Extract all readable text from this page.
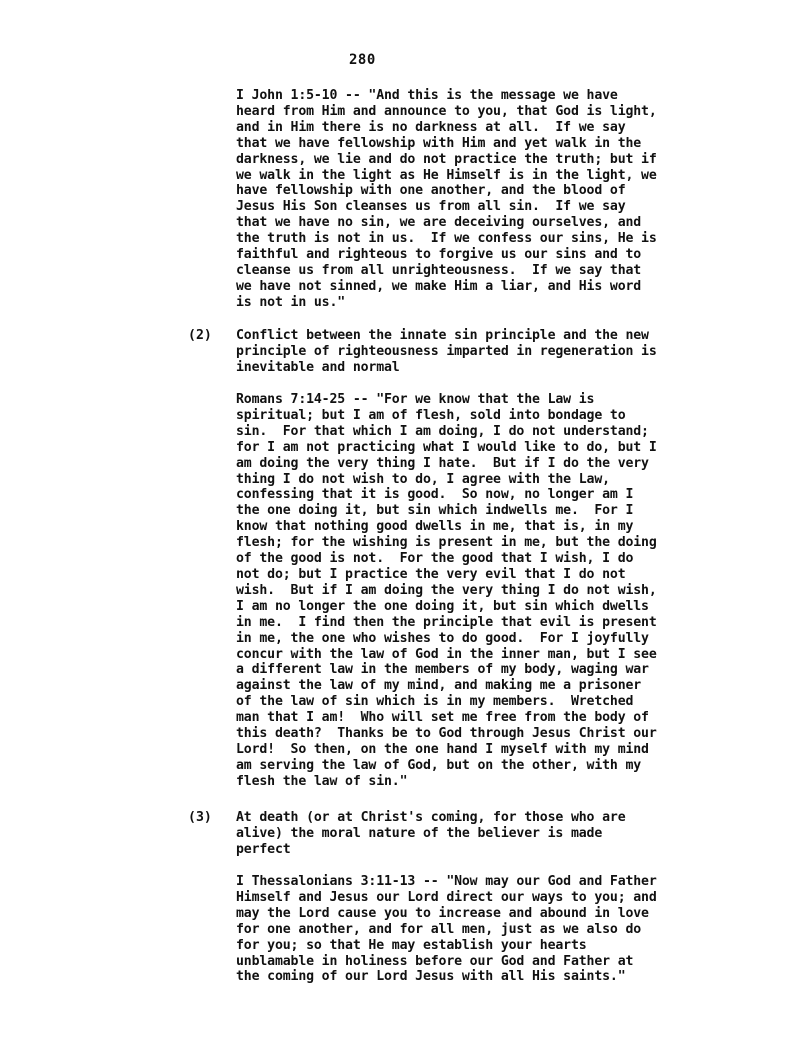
280

I John 1:5-10 -- "And this is the message we have
heard from Him and announce to you, that God is light,
and in Him there is no darkness at all.  If we say
that we have fellowship with Him and yet walk in the
darkness, we lie and do not practice the truth; but if
we walk in the light as He Himself is in the light, we
have fellowship with one another, and the blood of
Jesus His Son cleanses us from all sin.  If we say
that we have no sin, we are deceiving ourselves, and
the truth is not in us.  If we confess our sins, He is
faithful and righteous to forgive us our sins and to
cleanse us from all unrighteousness.  If we say that
we have not sinned, we make Him a liar, and His word
is not in us."

(2) Conflict between the innate sin principle and the new
principle of righteousness imparted in regeneration is
inevitable and normal

Romans 7:14-25 -- "For we know that the Law is
spiritual; but I am of flesh, sold into bondage to
sin.  For that which I am doing, I do not understand;
for I am not practicing what I would like to do, but I
am doing the very thing I hate.  But if I do the very
thing I do not wish to do, I agree with the Law,
confessing that it is good.  So now, no longer am I
the one doing it, but sin which indwells me.  For I
know that nothing good dwells in me, that is, in my
flesh; for the wishing is present in me, but the doing
of the good is not.  For the good that I wish, I do
not do; but I practice the very evil that I do not
wish.  But if I am doing the very thing I do not wish,
I am no longer the one doing it, but sin which dwells
in me.  I find then the principle that evil is present
in me, the one who wishes to do good.  For I joyfully
concur with the law of God in the inner man, but I see
a different law in the members of my body, waging war
against the law of my mind, and making me a prisoner
of the law of sin which is in my members.  Wretched
man that I am!  Who will set me free from the body of
this death?  Thanks be to God through Jesus Christ our
Lord!  So then, on the one hand I myself with my mind
am serving the law of God, but on the other, with my
flesh the law of sin."

(3) At death (or at Christ's coming, for those who are
alive) the moral nature of the believer is made
perfect

I Thessalonians 3:11-13 -- "Now may our God and Father
Himself and Jesus our Lord direct our ways to you; and
may the Lord cause you to increase and abound in love
for one another, and for all men, just as we also do
for you; so that He may establish your hearts
unblamable in holiness before our God and Father at
the coming of our Lord Jesus with all His saints."
